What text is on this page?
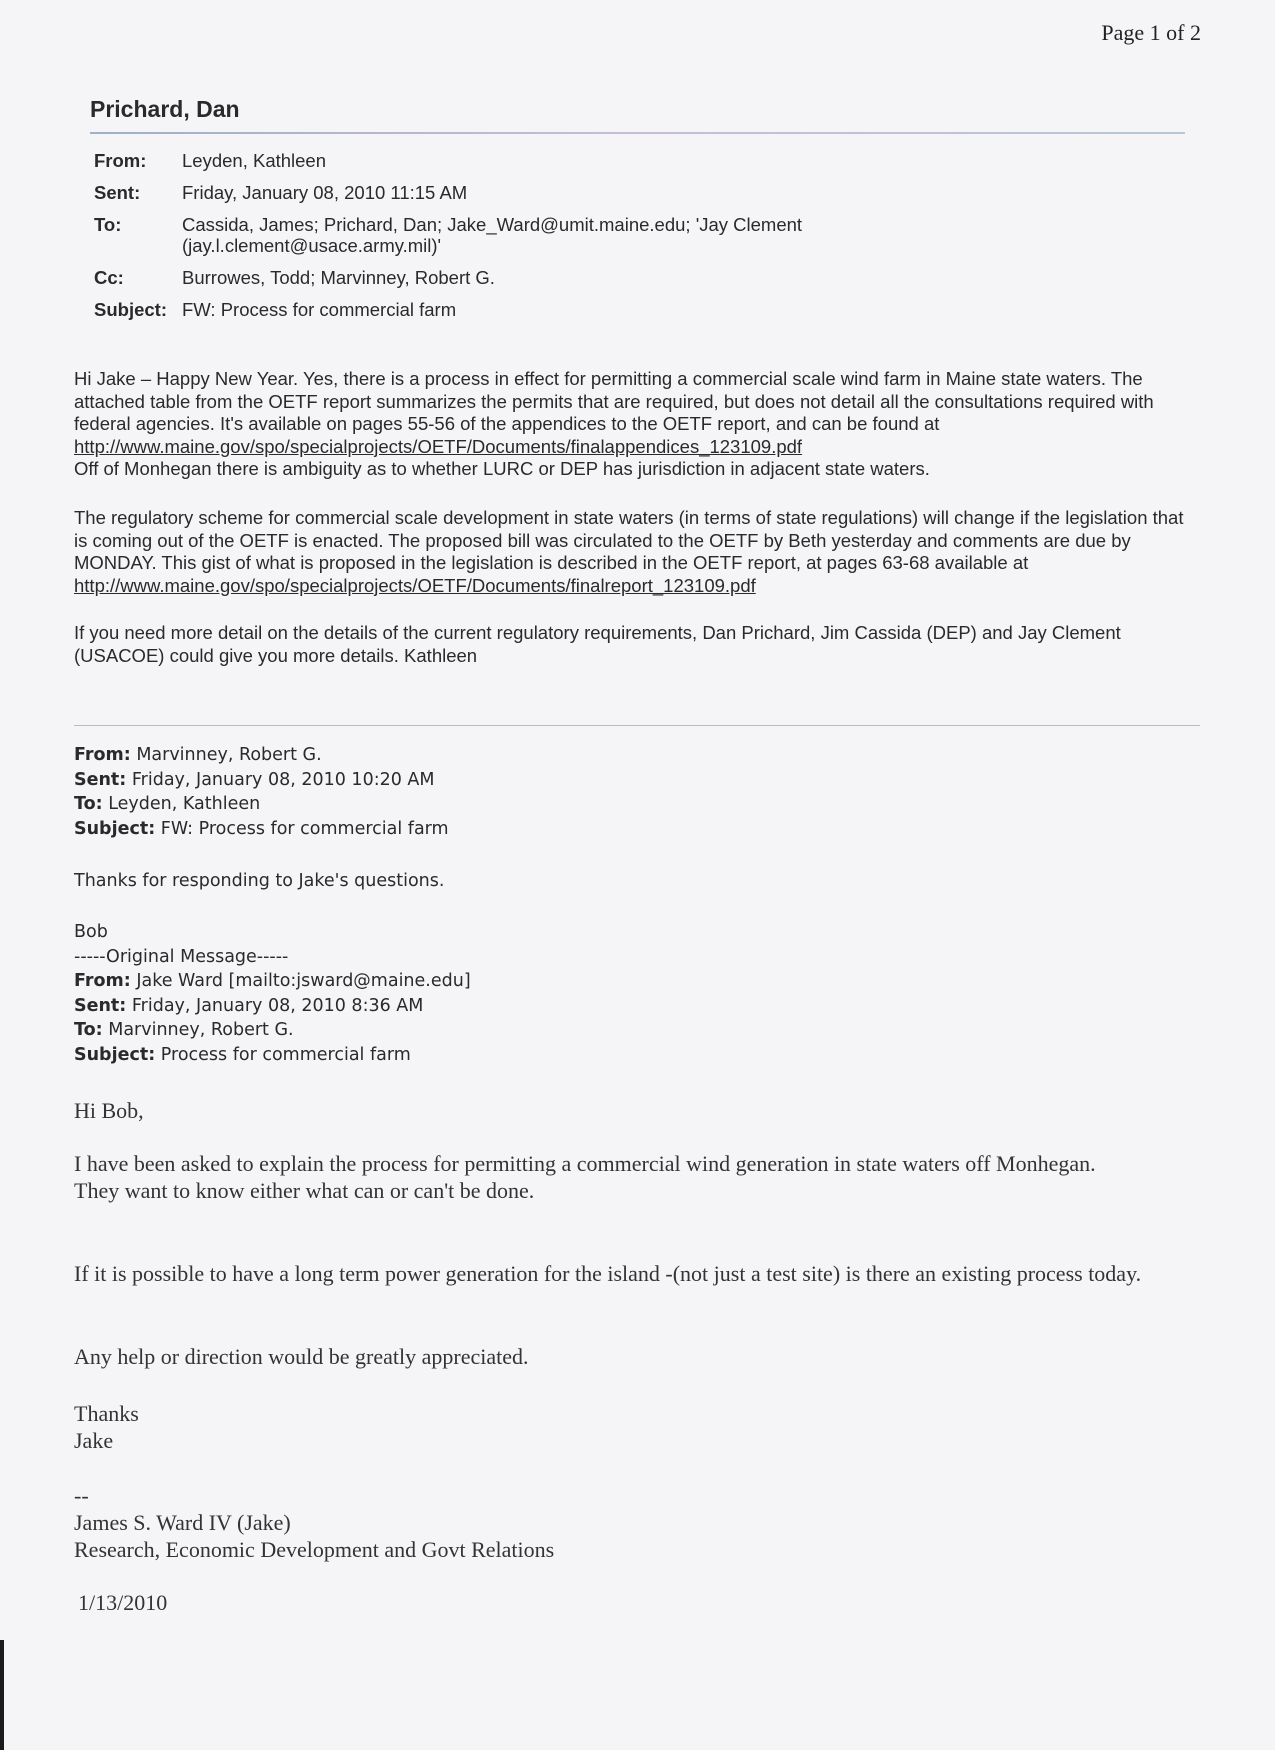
Page 1 of 2
Prichard, Dan
From:	Leyden, Kathleen
Sent:	Friday, January 08, 2010 11:15 AM
To:	Cassida, James; Prichard, Dan; Jake_Ward@umit.maine.edu; 'Jay Clement
(jay.l.clement@usace.army.mil)'

Cc:	Burrowes, Todd; Marvinney, Robert G.
Subject:	FW: Process for commercial farm

Hi Jake – Happy New Year. Yes, there is a process in effect for permitting a commercial scale wind farm in Maine state waters. The attached table from the OETF report summarizes the permits that are required, but does not detail all the consultations required with federal agencies. It's available on pages 55-56 of the appendices to the OETF report, and can be found at http://www.maine.gov/spo/specialprojects/OETF/Documents/finalappendices_123109.pdf
Off of Monhegan there is ambiguity as to whether LURC or DEP has jurisdiction in adjacent state waters.

The regulatory scheme for commercial scale development in state waters (in terms of state regulations) will change if the legislation that is coming out of the OETF is enacted. The proposed bill was circulated to the OETF by Beth yesterday and comments are due by MONDAY. This gist of what is proposed in the legislation is described in the OETF report, at pages 63-68 available at http://www.maine.gov/spo/specialprojects/OETF/Documents/finalreport_123109.pdf

If you need more detail on the details of the current regulatory requirements, Dan Prichard, Jim Cassida (DEP) and Jay Clement (USACOE) could give you more details. Kathleen

From: Marvinney, Robert G.

Sent: Friday, January 08, 2010 10:20 AM

To: Leyden, Kathleen

Subject: FW: Process for commercial farm

Thanks for responding to Jake's questions.

Bob

-----Original Message-----

From: Jake Ward [mailto:jsward@maine.edu]

Sent: Friday, January 08, 2010 8:36 AM

To: Marvinney, Robert G.

Subject: Process for commercial farm

Hi Bob,

I have been asked to explain the process for permitting a commercial wind generation in state waters off Monhegan.

They want to know either what can or can't be done.

If it is possible to have a long term power generation for the island -(not just a test site) is there an existing process today.

Any help or direction would be greatly appreciated.

Thanks

Jake

--

James S. Ward IV (Jake)

Research, Economic Development and Govt Relations

1/13/2010
